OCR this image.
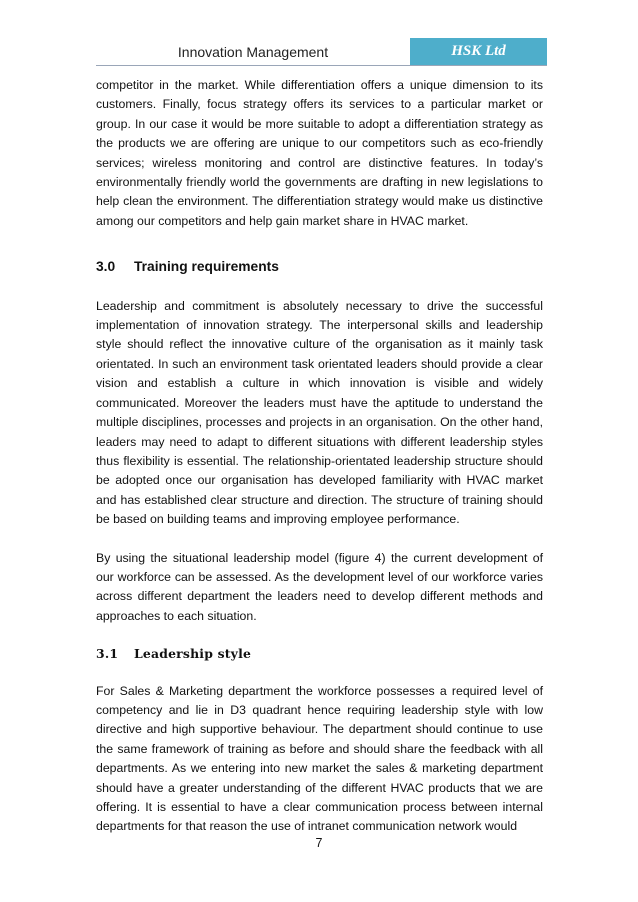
Innovation Management	HSK Ltd

competitor in the market. While differentiation offers a unique dimension to its customers. Finally, focus strategy offers its services to a particular market or group. In our case it would be more suitable to adopt a differentiation strategy as the products we are offering are unique to our competitors such as eco-friendly services; wireless monitoring and control are distinctive features. In today’s environmentally friendly world the governments are drafting in new legislations to help clean the environment. The differentiation strategy would make us distinctive among our competitors and help gain market share in HVAC market.

3.0	Training requirements

Leadership and commitment is absolutely necessary to drive the successful implementation of innovation strategy. The interpersonal skills and leadership style should reflect the innovative culture of the organisation as it mainly task orientated. In such an environment task orientated leaders should provide a clear vision and establish a culture in which innovation is visible and widely communicated. Moreover the leaders must have the aptitude to understand the multiple disciplines, processes and projects in an organisation. On the other hand, leaders may need to adapt to different situations with different leadership styles thus flexibility is essential. The relationship-orientated leadership structure should be adopted once our organisation has developed familiarity with HVAC market and has established clear structure and direction. The structure of training should be based on building teams and improving employee performance.

By using the situational leadership model (figure 4) the current development of our workforce can be assessed. As the development level of our workforce varies across different department the leaders need to develop different methods and approaches to each situation.

3.1	Leadership style

For Sales & Marketing department the workforce possesses a required level of competency and lie in D3 quadrant hence requiring leadership style with low directive and high supportive behaviour. The department should continue to use the same framework of training as before and should share the feedback with all departments. As we entering into new market the sales & marketing department should have a greater understanding of the different HVAC products that we are offering. It is essential to have a clear communication process between internal departments for that reason the use of intranet communication network would

7
